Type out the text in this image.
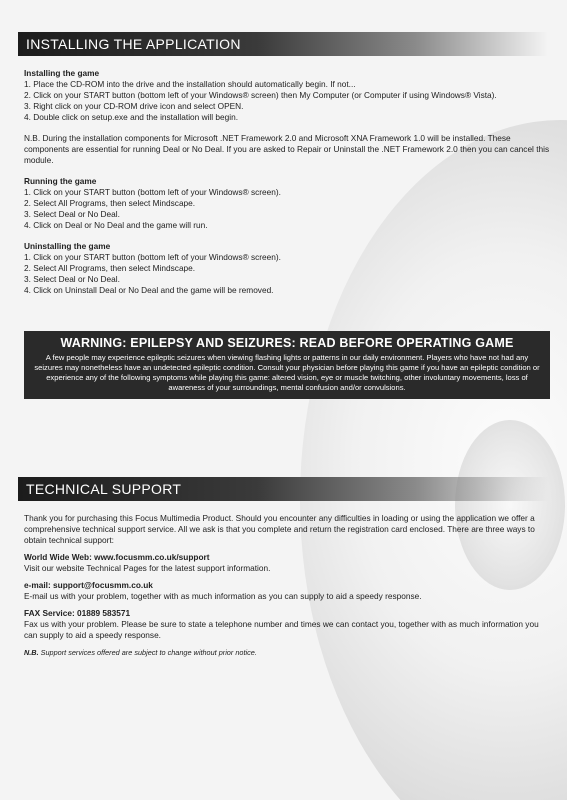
INSTALLING THE APPLICATION

Installing the game

1. Place the CD-ROM into the drive and the installation should automatically begin. If not...

2. Click on your START button (bottom left of your Windows® screen) then My Computer (or Computer if using Windows® Vista).

3. Right click on your CD-ROM drive icon and select OPEN.

4. Double click on setup.exe and the installation will begin.

N.B. During the installation components for Microsoft .NET Framework 2.0 and Microsoft XNA Framework 1.0 will be installed. These components are essential for running Deal or No Deal. If you are asked to Repair or Uninstall the .NET Framework 2.0 then you can cancel this module.

Running the game

1. Click on your START button (bottom left of your Windows® screen).

2. Select All Programs, then select Mindscape.

3. Select Deal or No Deal.

4. Click on Deal or No Deal and the game will run.

Uninstalling the game

1. Click on your START button (bottom left of your Windows® screen).

2. Select All Programs, then select Mindscape.

3. Select Deal or No Deal.

4. Click on Uninstall Deal or No Deal and the game will be removed.

WARNING: EPILEPSY AND SEIZURES: READ BEFORE OPERATING GAME

A few people may experience epileptic seizures when viewing flashing lights or patterns in our daily environment. Players who have not had any seizures may nonetheless have an undetected epileptic condition. Consult your physician before playing this game if you have an epileptic condition or experience any of the following symptoms while playing this game: altered vision, eye or muscle twitching, other involuntary movements, loss of awareness of your surroundings, mental confusion and/or convulsions.

TECHNICAL SUPPORT

Thank you for purchasing this Focus Multimedia Product. Should you encounter any difficulties in loading or using the application we offer a comprehensive technical support service. All we ask is that you complete and return the registration card enclosed. There are three ways to obtain technical support:

World Wide Web: www.focusmm.co.uk/support

Visit our website Technical Pages for the latest support information.

e-mail: support@focusmm.co.uk

E-mail us with your problem, together with as much information as you can supply to aid a speedy response.

FAX Service: 01889 583571

Fax us with your problem. Please be sure to state a telephone number and times we can contact you, together with as much information you can supply to aid a speedy response.

N.B. Support services offered are subject to change without prior notice.
